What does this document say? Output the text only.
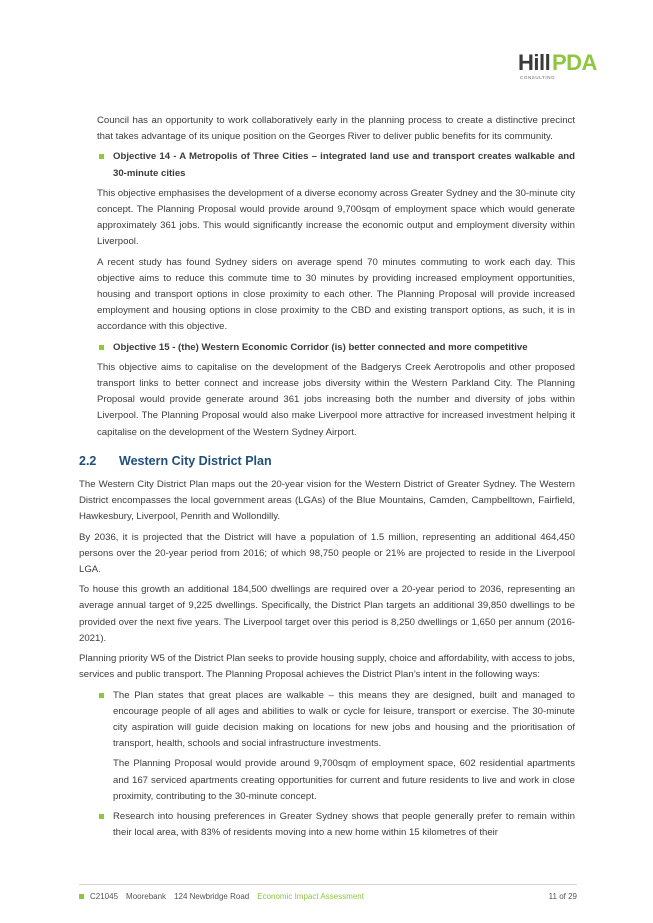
Hill PDA
CONSULTING

Council has an opportunity to work collaboratively early in the planning process to create a distinctive precinct that takes advantage of its unique position on the Georges River to deliver public benefits for its community.

Objective 14 - A Metropolis of Three Cities – integrated land use and transport creates walkable and 30-minute cities

This objective emphasises the development of a diverse economy across Greater Sydney and the 30-minute city concept. The Planning Proposal would provide around 9,700sqm of employment space which would generate approximately 361 jobs. This would significantly increase the economic output and employment diversity within Liverpool.

A recent study has found Sydney siders on average spend 70 minutes commuting to work each day. This objective aims to reduce this commute time to 30 minutes by providing increased employment opportunities, housing and transport options in close proximity to each other. The Planning Proposal will provide increased employment and housing options in close proximity to the CBD and existing transport options, as such, it is in accordance with this objective.

Objective 15 - (the) Western Economic Corridor (is) better connected and more competitive

This objective aims to capitalise on the development of the Badgerys Creek Aerotropolis and other proposed transport links to better connect and increase jobs diversity within the Western Parkland City. The Planning Proposal would provide generate around 361 jobs increasing both the number and diversity of jobs within Liverpool. The Planning Proposal would also make Liverpool more attractive for increased investment helping it capitalise on the development of the Western Sydney Airport.

2.2	Western City District Plan

The Western City District Plan maps out the 20-year vision for the Western District of Greater Sydney. The Western District encompasses the local government areas (LGAs) of the Blue Mountains, Camden, Campbelltown, Fairfield, Hawkesbury, Liverpool, Penrith and Wollondilly.

By 2036, it is projected that the District will have a population of 1.5 million, representing an additional 464,450 persons over the 20-year period from 2016; of which 98,750 people or 21% are projected to reside in the Liverpool LGA.

To house this growth an additional 184,500 dwellings are required over a 20-year period to 2036, representing an average annual target of 9,225 dwellings. Specifically, the District Plan targets an additional 39,850 dwellings to be provided over the next five years. The Liverpool target over this period is 8,250 dwellings or 1,650 per annum (2016-2021).

Planning priority W5 of the District Plan seeks to provide housing supply, choice and affordability, with access to jobs, services and public transport. The Planning Proposal achieves the District Plan’s intent in the following ways:

The Plan states that great places are walkable – this means they are designed, built and managed to encourage people of all ages and abilities to walk or cycle for leisure, transport or exercise. The 30-minute city aspiration will guide decision making on locations for new jobs and housing and the prioritisation of transport, health, schools and social infrastructure investments.

The Planning Proposal would provide around 9,700sqm of employment space, 602 residential apartments and 167 serviced apartments creating opportunities for current and future residents to live and work in close proximity, contributing to the 30-minute concept.

Research into housing preferences in Greater Sydney shows that people generally prefer to remain within their local area, with 83% of residents moving into a new home within 15 kilometres of their
C21045 Moorebank 124 Newbridge Road Economic Impact Assessment	11 of 29
